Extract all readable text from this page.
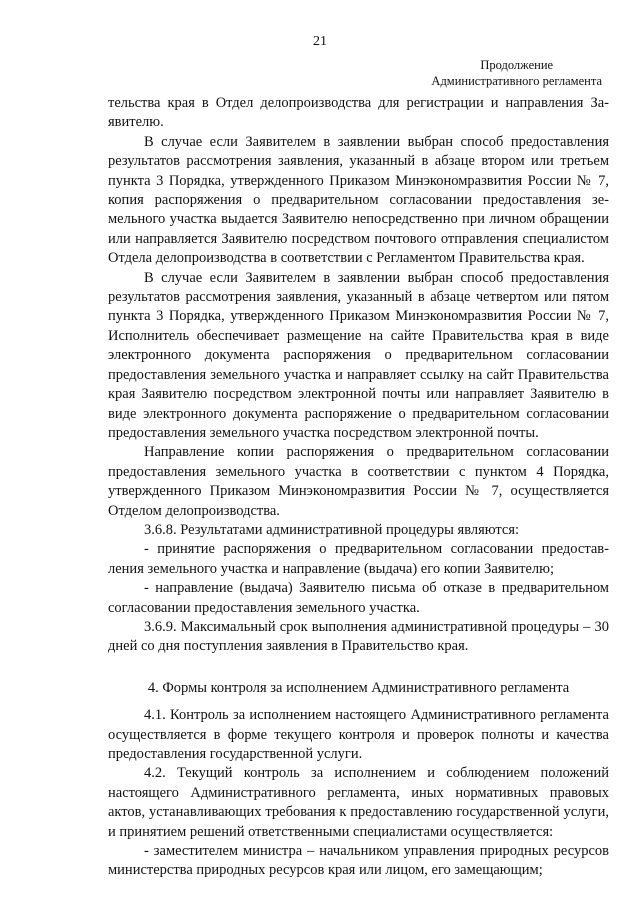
21
Продолжение
Административного регламента

тельства края в Отдел делопроизводства для регистрации и направления Заявителю.

В случае если Заявителем в заявлении выбран способ предоставления результатов рассмотрения заявления, указанный в абзаце втором или третьем пункта 3 Порядка, утвержденного Приказом Минэкономразвития России № 7, копия распоряжения о предварительном согласовании предоставления земельного участка выдается Заявителю непосредственно при личном обращении или направляется Заявителю посредством почтового отправления специалистом Отдела делопроизводства в соответствии с Регламентом Правительства края.

В случае если Заявителем в заявлении выбран способ предоставления результатов рассмотрения заявления, указанный в абзаце четвертом или пятом пункта 3 Порядка, утвержденного Приказом Минэкономразвития России № 7, Исполнитель обеспечивает размещение на сайте Правительства края в виде электронного документа распоряжения о предварительном согласовании предоставления земельного участка и направляет ссылку на сайт Правительства края Заявителю посредством электронной почты или направляет Заявителю в виде электронного документа распоряжение о предварительном согласовании предоставления земельного участка посредством электронной почты.

Направление копии распоряжения о предварительном согласовании предоставления земельного участка в соответствии с пунктом 4 Порядка, утвержденного Приказом Минэкономразвития России № 7, осуществляется Отделом делопроизводства.

3.6.8. Результатами административной процедуры являются:

- принятие распоряжения о предварительном согласовании предоставления земельного участка и направление (выдача) его копии Заявителю;

- направление (выдача) Заявителю письма об отказе в предварительном согласовании предоставления земельного участка.

3.6.9. Максимальный срок выполнения административной процедуры – 30 дней со дня поступления заявления в Правительство края.

4. Формы контроля за исполнением Административного регламента

4.1. Контроль за исполнением настоящего Административного регламента осуществляется в форме текущего контроля и проверок полноты и качества предоставления государственной услуги.

4.2. Текущий контроль за исполнением и соблюдением положений настоящего Административного регламента, иных нормативных правовых актов, устанавливающих требования к предоставлению государственной услуги, и принятием решений ответственными специалистами осуществляется:

- заместителем министра – начальником управления природных ресурсов министерства природных ресурсов края или лицом, его замещающим;
